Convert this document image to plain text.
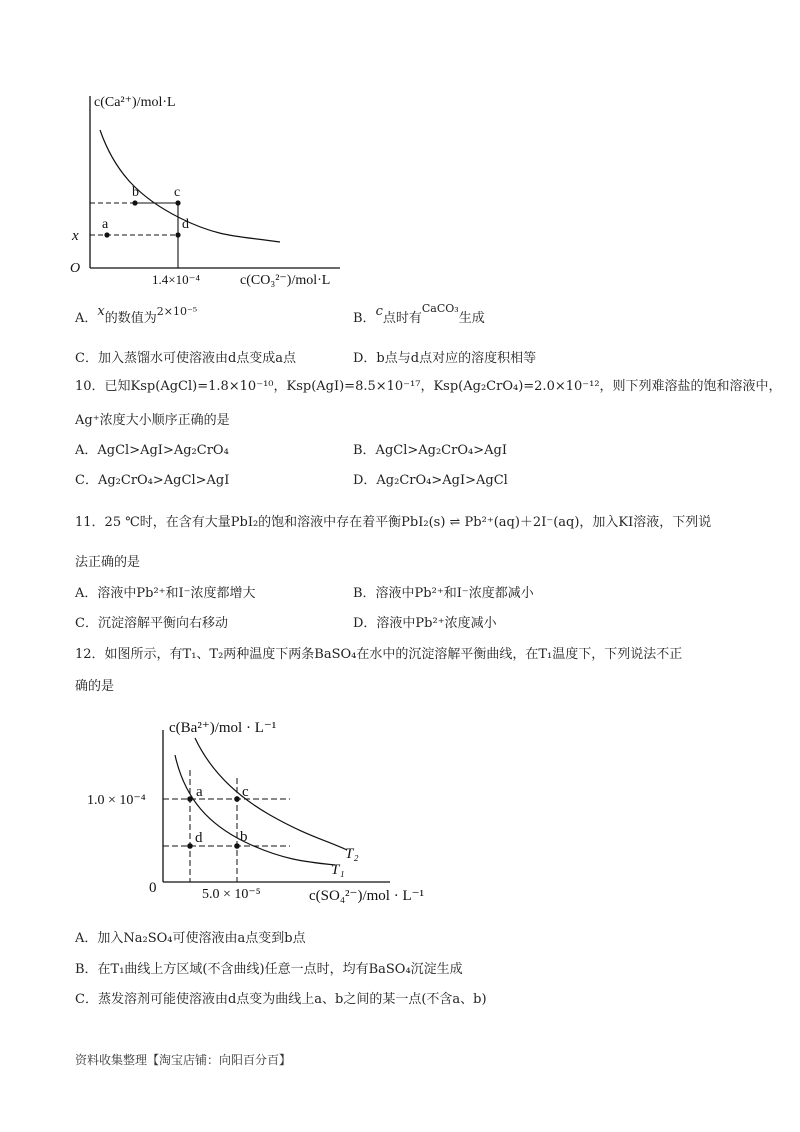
c(Ca²⁺)/mol·L
c(CO₃²⁻)/mol·L
O
x
1.4×10⁻⁴
a
b	c
d
A．x的数值为$^{2\times 10^{-5}}$	B．c点时有$^{CaCO_3}$生成
C．加入蒸馏水可使溶液由d点变成a点	D．b点与d点对应的溶度积相等
10．已知Ksp(AgCl)=1.8×10⁻¹⁰，Ksp(AgI)=8.5×10⁻¹⁷，Ksp(Ag₂CrO₄)=2.0×10⁻¹²，则下列难溶盐的饱和溶液中，
Ag⁺浓度大小顺序正确的是
A．AgCl>AgI>Ag₂CrO₄	B．AgCl>Ag₂CrO₄>AgI
C．Ag₂CrO₄>AgCl>AgI	D．Ag₂CrO₄>AgI>AgCl
11．25 ℃时，在含有大量PbI₂的饱和溶液中存在着平衡PbI₂(s) ⇌ Pb²⁺(aq)＋2I⁻(aq)，加入KI溶液，下列说
法正确的是
A．溶液中Pb²⁺和I⁻浓度都增大	B．溶液中Pb²⁺和I⁻浓度都减小
C．沉淀溶解平衡向右移动	D．溶液中Pb²⁺浓度减小
12．如图所示，有T₁、T₂两种温度下两条BaSO₄在水中的沉淀溶解平衡曲线，在T₁温度下，下列说法不正
确的是
c(Ba²⁺)/mol · L⁻¹
c(SO₄²⁻)/mol · L⁻¹
0
1.0 × 10⁻⁴
5.0 × 10⁻⁵
a	c
d	b
T₂
T₁
A．加入Na₂SO₄可使溶液由a点变到b点
B．在T₁曲线上方区域(不含曲线)任意一点时，均有BaSO₄沉淀生成
C．蒸发溶剂可能使溶液由d点变为曲线上a、b之间的某一点(不含a、b)
资料收集整理【淘宝店铺：向阳百分百】
